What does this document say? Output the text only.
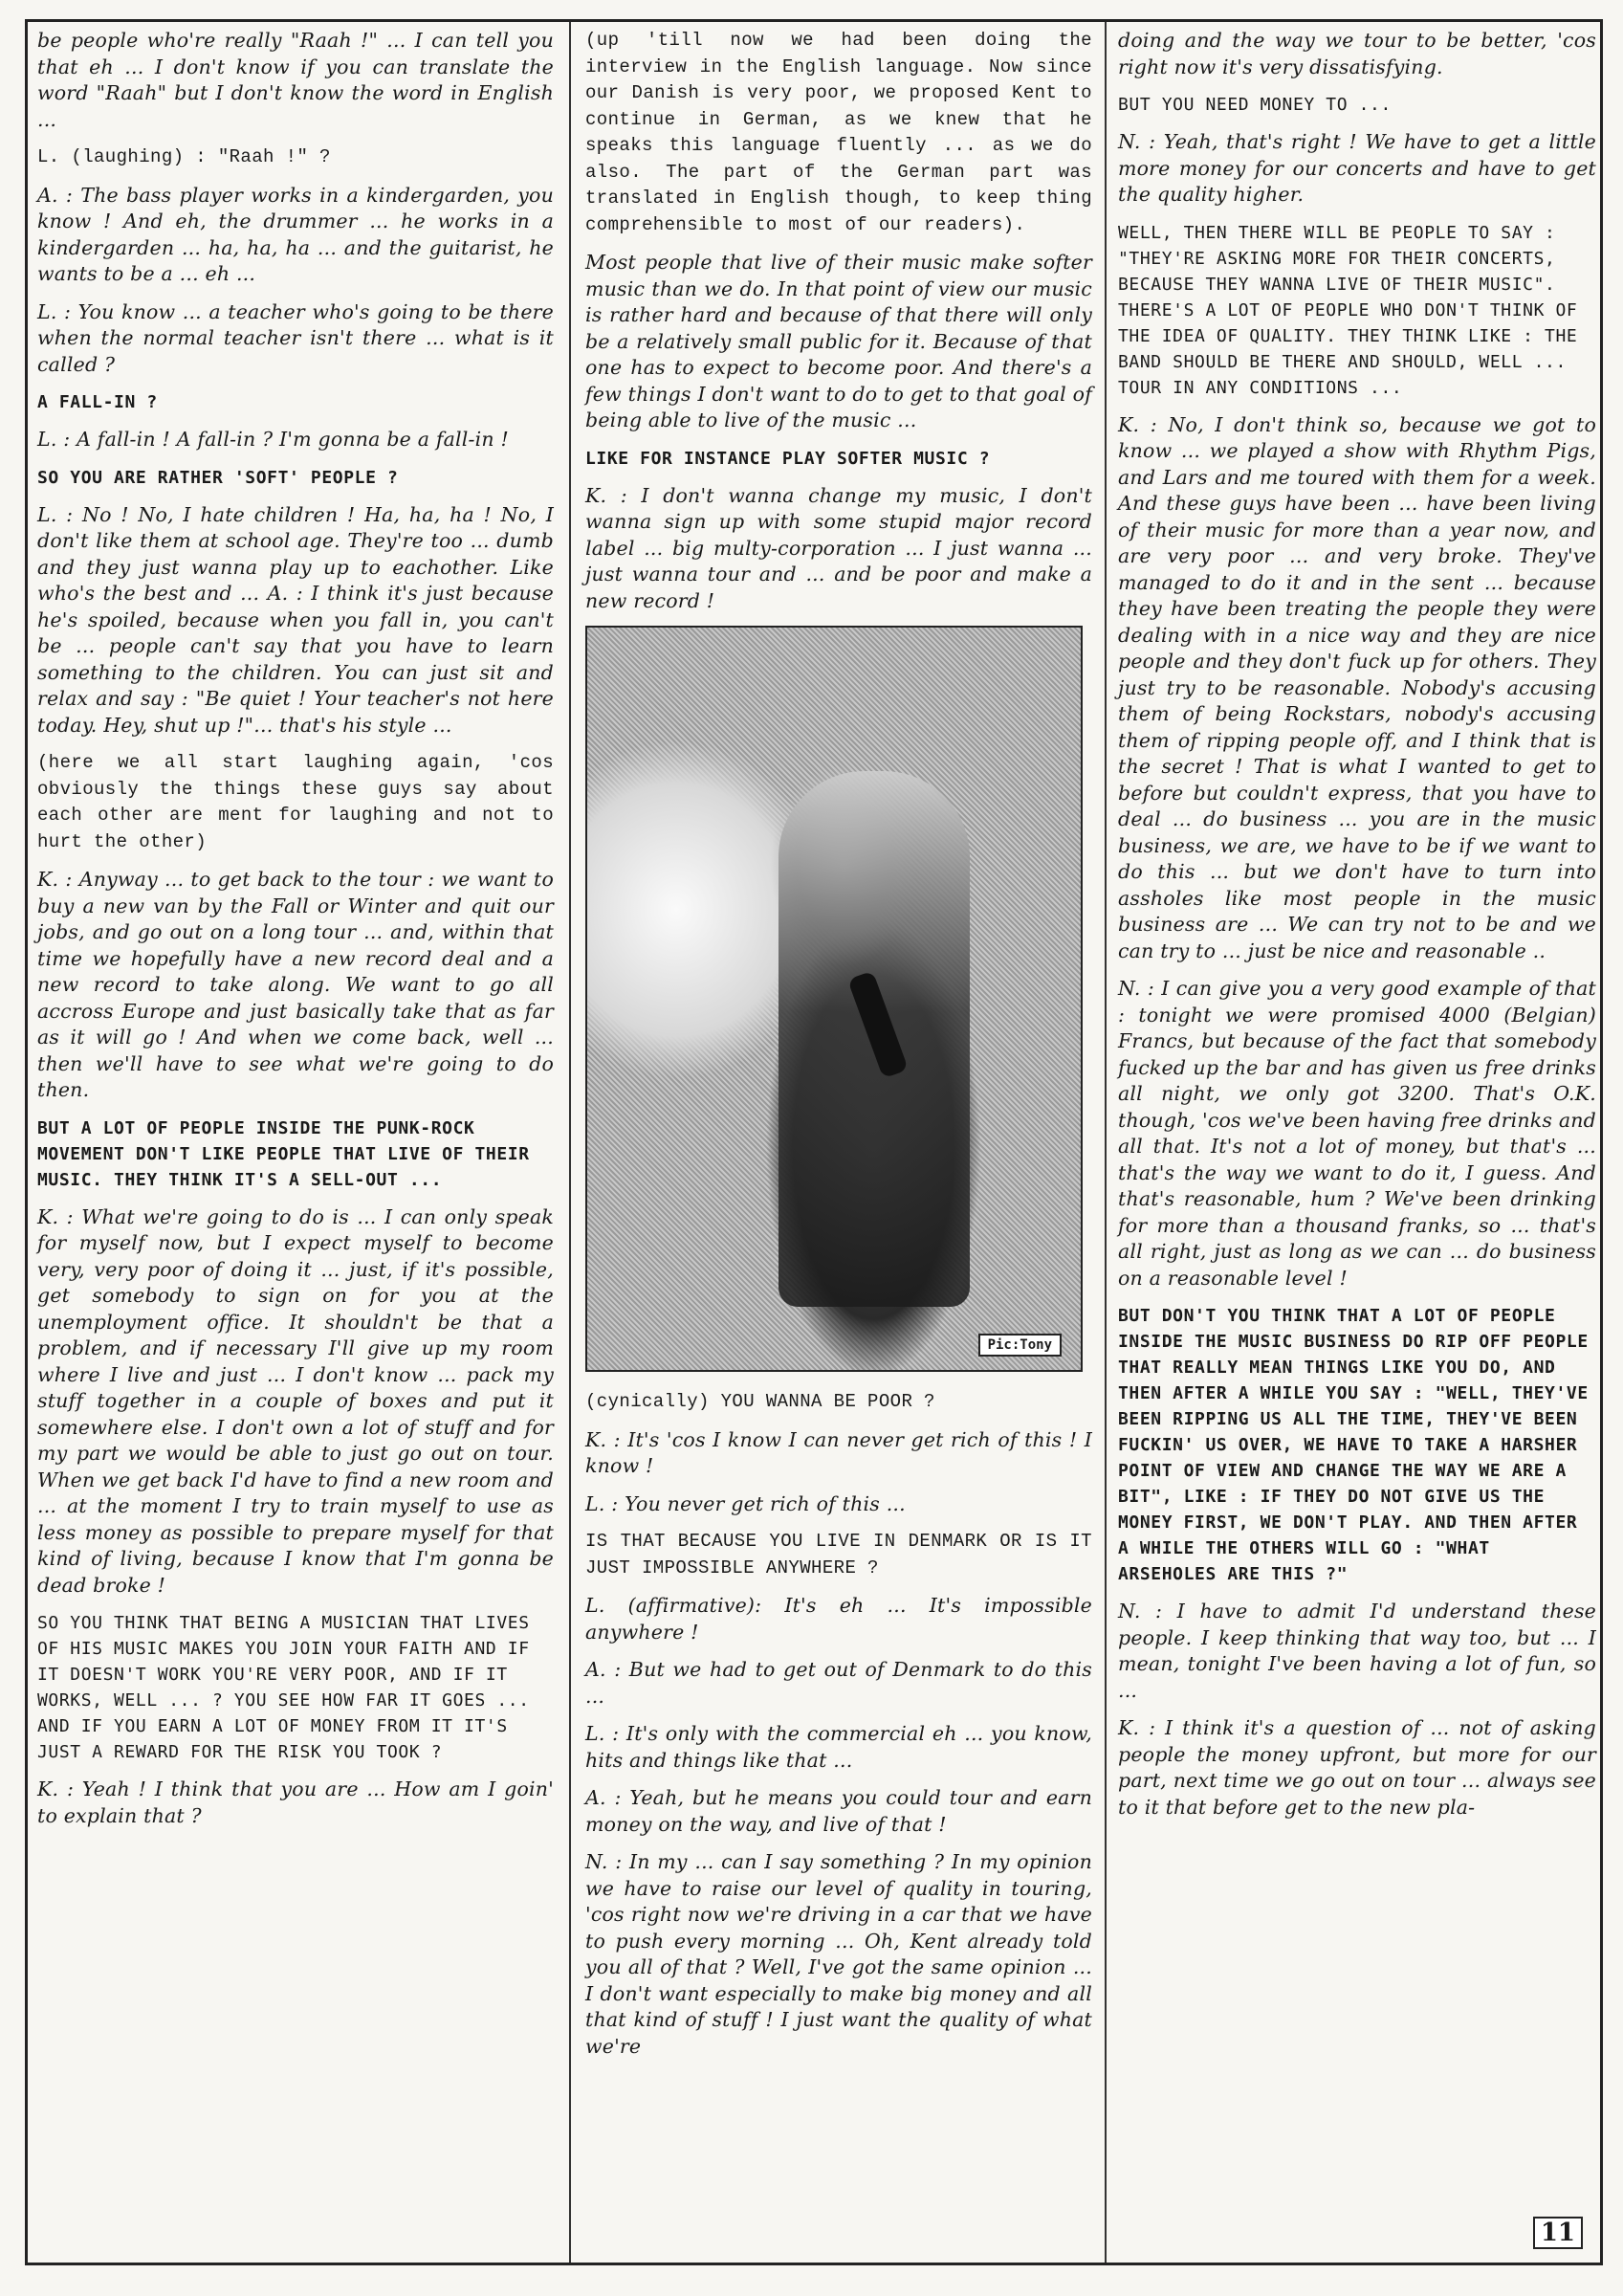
be people who're really "Raah !" ... I can tell you that eh ... I don't know if you can translate the word "Raah" but I don't know the word in English ...

L. (laughing) : "Raah !" ?

A. : The bass player works in a kindergarden, you know ! And eh, the drummer ... he works in a kindergarden ... ha, ha, ha ... and the guitarist, he wants to be a ... eh ...

L. : You know ... a teacher who's going to be there when the normal teacher isn't there ... what is it called ?

A FALL-IN ?

L. : A fall-in ! A fall-in ? I'm gonna be a fall-in !

SO YOU ARE RATHER 'SOFT' PEOPLE ?

L. : No ! No, I hate children ! Ha, ha, ha ! No, I don't like them at school age. They're too ... dumb and they just wanna play up to eachother. Like who's the best and ... A. : I think it's just because he's spoiled, because when you fall in, you can't be ... people can't say that you have to learn something to the children. You can just sit and relax and say : "Be quiet ! Your teacher's not here today. Hey, shut up !"... that's his style ...

(here we all start laughing again, 'cos obviously the things these guys say about each other are ment for laughing and not to hurt the other)

K. : Anyway ... to get back to the tour : we want to buy a new van by the Fall or Winter and quit our jobs, and go out on a long tour ... and, within that time we hopefully have a new record deal and a new record to take along. We want to go all accross Europe and just basically take that as far as it will go ! And when we come back, well ... then we'll have to see what we're going to do then.

BUT A LOT OF PEOPLE INSIDE THE PUNK-ROCK MOVEMENT DON'T LIKE PEOPLE THAT LIVE OF THEIR MUSIC. THEY THINK IT'S A SELL-OUT ...

K. : What we're going to do is ... I can only speak for myself now, but I expect myself to become very, very poor of doing it ... just, if it's possible, get somebody to sign on for you at the unemployment office. It shouldn't be that a problem, and if necessary I'll give up my room where I live and just ... I don't know ... pack my stuff together in a couple of boxes and put it somewhere else. I don't own a lot of stuff and for my part we would be able to just go out on tour. When we get back I'd have to find a new room and ... at the moment I try to train myself to use as less money as possible to prepare myself for that kind of living, because I know that I'm gonna be dead broke !

SO YOU THINK THAT BEING A MUSICIAN THAT LIVES OF HIS MUSIC MAKES YOU JOIN YOUR FAITH AND IF IT DOESN'T WORK YOU'RE VERY POOR, AND IF IT WORKS, WELL ... ? YOU SEE HOW FAR IT GOES ... AND IF YOU EARN A LOT OF MONEY FROM IT IT'S JUST A REWARD FOR THE RISK YOU TOOK ?

K. : Yeah ! I think that you are ... How am I goin' to explain that ?

(up 'till now we had been doing the interview in the English language. Now since our Danish is very poor, we proposed Kent to continue in German, as we knew that he speaks this language fluently ... as we do also. The part of the German part was translated in English though, to keep thing comprehensible to most of our readers).

Most people that live of their music make softer music than we do. In that point of view our music is rather hard and because of that there will only be a relatively small public for it. Because of that one has to expect to become poor. And there's a few things I don't want to do to get to that goal of being able to live of the music ...

LIKE FOR INSTANCE PLAY SOFTER MUSIC ?

K. : I don't wanna change my music, I don't wanna sign up with some stupid major record label ... big multy-corporation ... I just wanna ... just wanna tour and ... and be poor and make a new record !

Pic:Tony

(cynically) YOU WANNA BE POOR ?

K. : It's 'cos I know I can never get rich of this ! I know !

L. : You never get rich of this ...

IS THAT BECAUSE YOU LIVE IN DENMARK OR IS IT JUST IMPOSSIBLE ANYWHERE ?

L. (affirmative): It's eh ... It's impossible anywhere !

A. : But we had to get out of Denmark to do this ...

L. : It's only with the commercial eh ... you know, hits and things like that ...

A. : Yeah, but he means you could tour and earn money on the way, and live of that !

N. : In my ... can I say something ? In my opinion we have to raise our level of quality in touring, 'cos right now we're driving in a car that we have to push every morning ... Oh, Kent already told you all of that ? Well, I've got the same opinion ... I don't want especially to make big money and all that kind of stuff ! I just want the quality of what we're

doing and the way we tour to be better, 'cos right now it's very dissatisfying.

BUT YOU NEED MONEY TO ...

N. : Yeah, that's right ! We have to get a little more money for our concerts and have to get the quality higher.

WELL, THEN THERE WILL BE PEOPLE TO SAY : "THEY'RE ASKING MORE FOR THEIR CONCERTS, BECAUSE THEY WANNA LIVE OF THEIR MUSIC". THERE'S A LOT OF PEOPLE WHO DON'T THINK OF THE IDEA OF QUALITY. THEY THINK LIKE : THE BAND SHOULD BE THERE AND SHOULD, WELL ... TOUR IN ANY CONDITIONS ...

K. : No, I don't think so, because we got to know ... we played a show with Rhythm Pigs, and Lars and me toured with them for a week. And these guys have been ... have been living of their music for more than a year now, and are very poor ... and very broke. They've managed to do it and in the sent ... because they have been treating the people they were dealing with in a nice way and they are nice people and they don't fuck up for others. They just try to be reasonable. Nobody's accusing them of being Rockstars, nobody's accusing them of ripping people off, and I think that is the secret ! That is what I wanted to get to before but couldn't express, that you have to deal ... do business ... you are in the music business, we are, we have to be if we want to do this ... but we don't have to turn into assholes like most people in the music business are ... We can try not to be and we can try to ... just be nice and reasonable ..

N. : I can give you a very good example of that : tonight we were promised 4000 (Belgian) Francs, but because of the fact that somebody fucked up the bar and has given us free drinks all night, we only got 3200. That's O.K. though, 'cos we've been having free drinks and all that. It's not a lot of money, but that's ... that's the way we want to do it, I guess. And that's reasonable, hum ? We've been drinking for more than a thousand franks, so ... that's all right, just as long as we can ... do business on a reasonable level !

BUT DON'T YOU THINK THAT A LOT OF PEOPLE INSIDE THE MUSIC BUSINESS DO RIP OFF PEOPLE THAT REALLY MEAN THINGS LIKE YOU DO, AND THEN AFTER A WHILE YOU SAY : "WELL, THEY'VE BEEN RIPPING US ALL THE TIME, THEY'VE BEEN FUCKIN' US OVER, WE HAVE TO TAKE A HARSHER POINT OF VIEW AND CHANGE THE WAY WE ARE A BIT", LIKE : IF THEY DO NOT GIVE US THE MONEY FIRST, WE DON'T PLAY. AND THEN AFTER A WHILE THE OTHERS WILL GO : "WHAT ARSEHOLES ARE THIS ?"

N. : I have to admit I'd understand these people. I keep thinking that way too, but ... I mean, tonight I've been having a lot of fun, so ...

K. : I think it's a question of ... not of asking people the money upfront, but more for our part, next time we go out on tour ... always see to it that before get to the new pla-

11
